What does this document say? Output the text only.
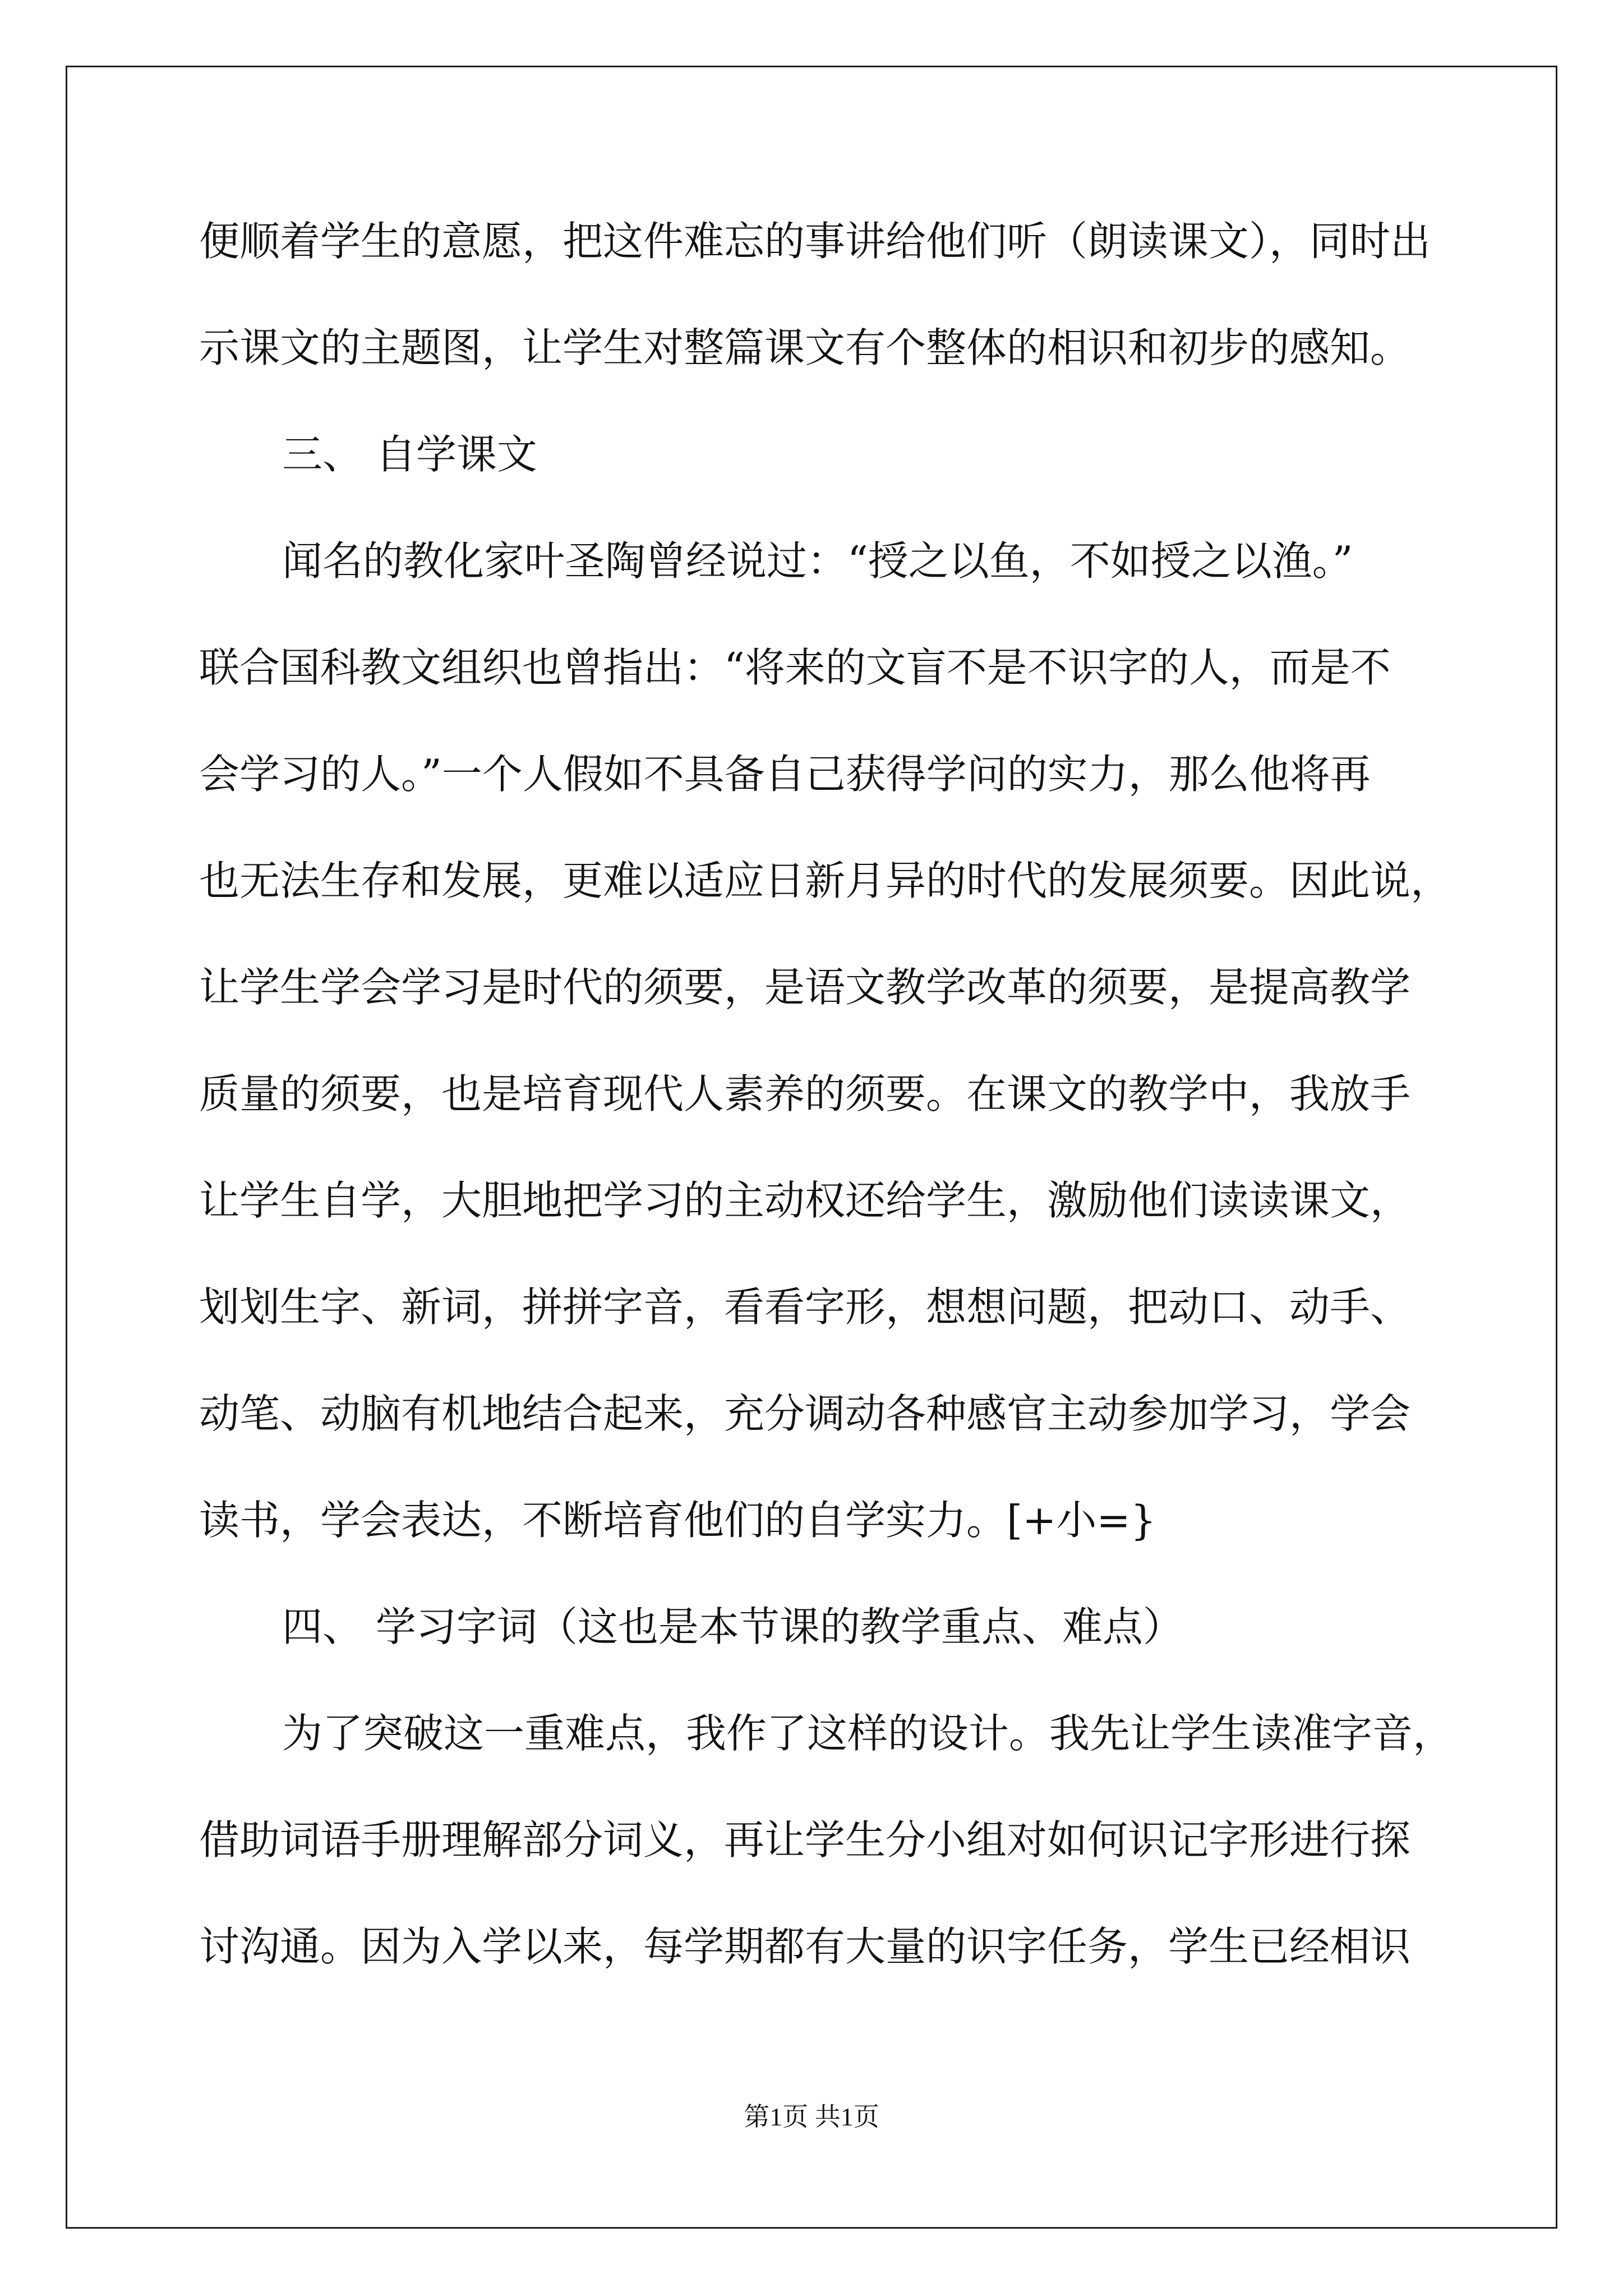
便顺着学生的意愿，把这件难忘的事讲给他们听（朗读课文），同时出
示课文的主题图，让学生对整篇课文有个整体的相识和初步的感知。
三、 自学课文
闻名的教化家叶圣陶曾经说过：“授之以鱼，不如授之以渔。”
联合国科教文组织也曾指出：“将来的文盲不是不识字的人，而是不
会学习的人。”一个人假如不具备自己获得学问的实力，那么他将再
也无法生存和发展，更难以适应日新月异的时代的发展须要。因此说，
让学生学会学习是时代的须要，是语文教学改革的须要，是提高教学
质量的须要，也是培育现代人素养的须要。在课文的教学中，我放手
让学生自学，大胆地把学习的主动权还给学生，激励他们读读课文，
划划生字、新词，拼拼字音，看看字形，想想问题，把动口、动手、
动笔、动脑有机地结合起来，充分调动各种感官主动参加学习，学会
读书，学会表达，不断培育他们的自学实力。[+小=}
四、 学习字词（这也是本节课的教学重点、难点）
为了突破这一重难点，我作了这样的设计。我先让学生读准字音，
借助词语手册理解部分词义，再让学生分小组对如何识记字形进行探
讨沟通。因为入学以来，每学期都有大量的识字任务，学生已经相识
第1页 共1页
